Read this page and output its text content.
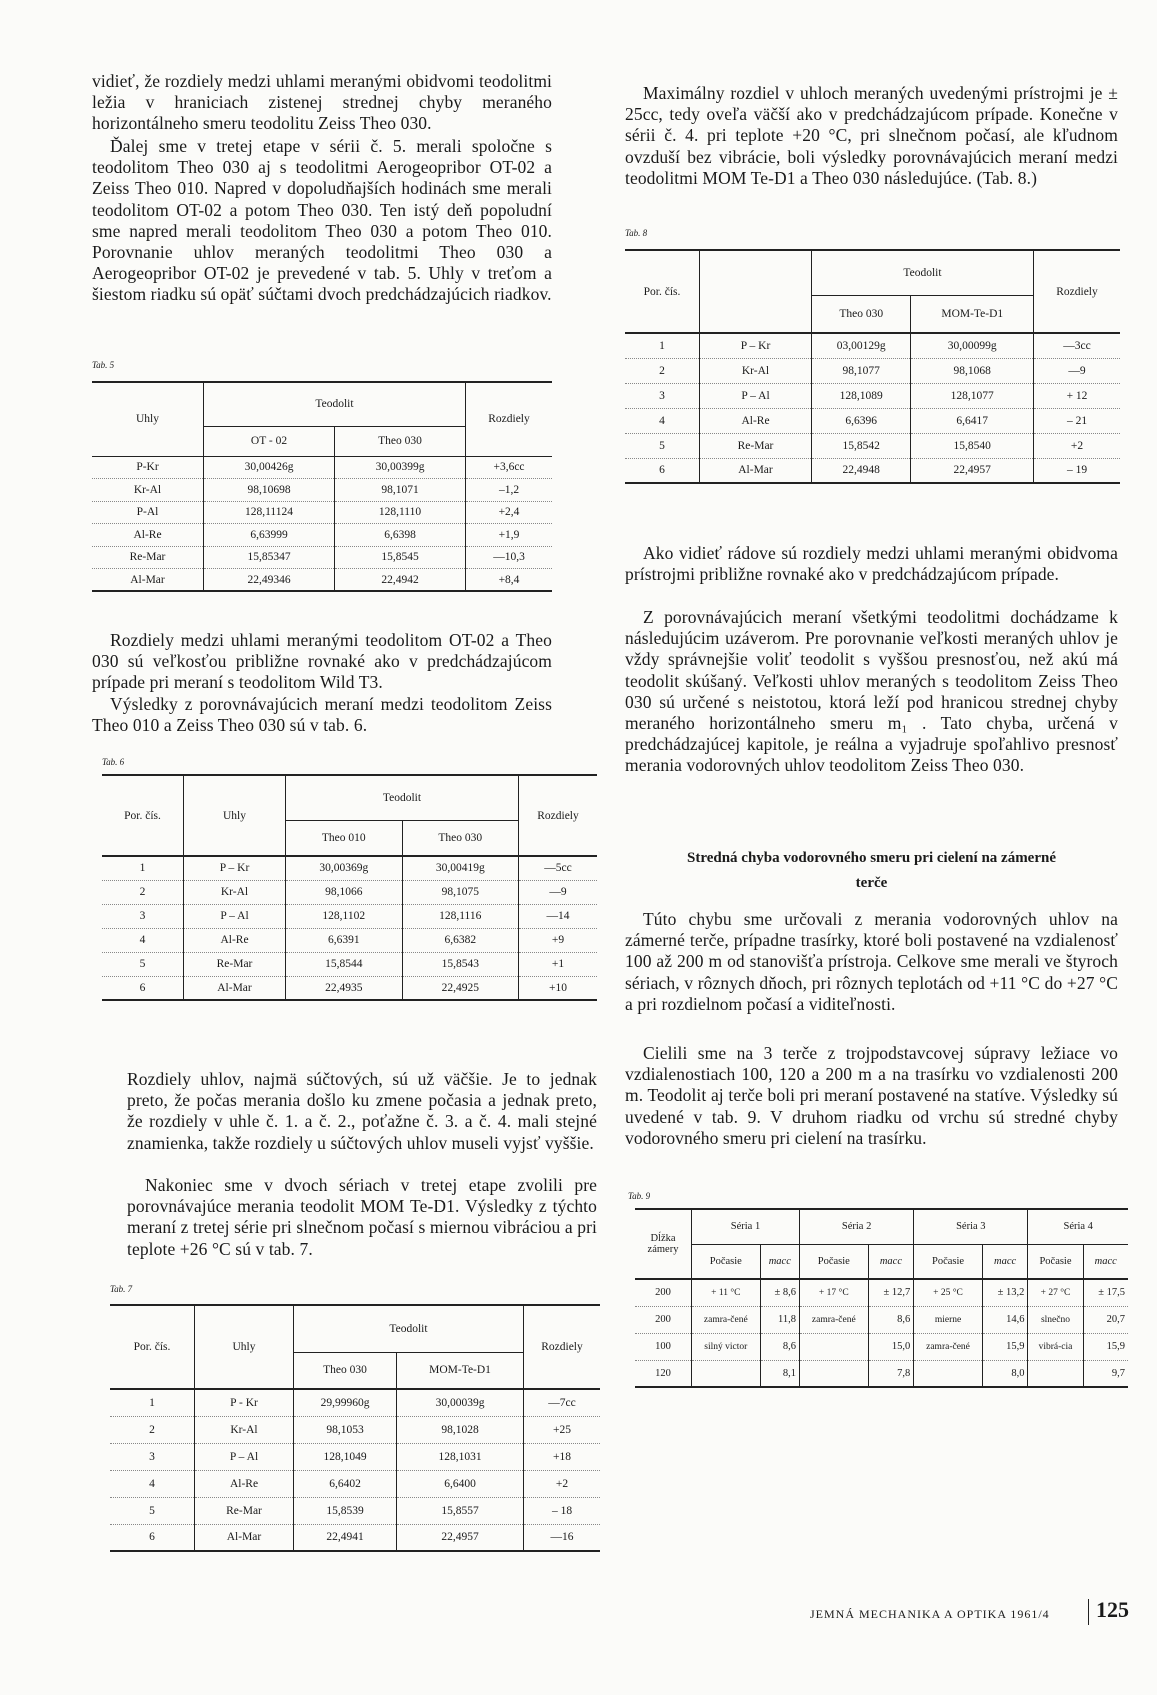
vidieť, že rozdiely medzi uhlami meranými obidvomi teodolitmi ležia v hraniciach zistenej strednej chyby meraného horizontálneho smeru teodolitu Zeiss Theo 030.

Ďalej sme v tretej etape v sérii č. 5. merali spoločne s teodolitom Theo 030 aj s teodolitmi Aerogeopribor OT-02 a Zeiss Theo 010. Napred v dopoludňajších hodinách sme merali teodolitom OT-02 a potom Theo 030. Ten istý deň popoludní sme napred merali teodolitom Theo 030 a potom Theo 010. Porovnanie uhlov meraných teodolitmi Theo 030 a Aerogeopribor OT-02 je prevedené v tab. 5. Uhly v treťom a šiestom riadku sú opäť súčtami dvoch predchádzajúcich riadkov.

Tab. 5

Uhly	Teodolit		Rozdiely
	OT - 02	Theo 030	
P-Kr	30,00426g	30,00399g	+3,6cc
Kr-Al	98,10698	98,1071	–1,2
P-Al	128,11124	128,1110	+2,4
Al-Re	6,63999	6,6398	+1,9
Re-Mar	15,85347	15,8545	—10,3
Al-Mar	22,49346	22,4942	+8,4

Rozdiely medzi uhlami meranými teodolitom OT-02 a Theo 030 sú veľkosťou približne rovnaké ako v predchádzajúcom prípade pri meraní s teodolitom Wild T3.

Výsledky z porovnávajúcich meraní medzi teodolitom Zeiss Theo 010 a Zeiss Theo 030 sú v tab. 6.

Tab. 6

Por. čís.	Uhly	Teodolit		Rozdiely
		Theo 010	Theo 030	
1	P – Kr	30,00369g	30,00419g	—5cc
2	Kr-Al	98,1066	98,1075	—9
3	P – Al	128,1102	128,1116	—14
4	Al-Re	6,6391	6,6382	+9
5	Re-Mar	15,8544	15,8543	+1
6	Al-Mar	22,4935	22,4925	+10

Rozdiely uhlov, najmä súčtových, sú už väčšie. Je to jednak preto, že počas merania došlo ku zmene počasia a jednak preto, že rozdiely v uhle č. 1. a č. 2., poťažne č. 3. a č. 4. mali stejné znamienka, takže rozdiely u súčtových uhlov museli vyjsť vyššie.

Nakoniec sme v dvoch sériach v tretej etape zvolili pre porovnávajúce merania teodolit MOM Te-D1. Výsledky z týchto meraní z tretej série pri slnečnom počasí s miernou vibráciou a pri teplote +26 °C sú v tab. 7.

Tab. 7

Por. čís.	Uhly	Teodolit		Rozdiely
		Theo 030	MOM-Te-D1	
1	P - Kr	29,99960g	30,00039g	—7cc
2	Kr-Al	98,1053	98,1028	+25
3	P – Al	128,1049	128,1031	+18
4	Al-Re	6,6402	6,6400	+2
5	Re-Mar	15,8539	15,8557	– 18
6	Al-Mar	22,4941	22,4957	—16

Maximálny rozdiel v uhloch meraných uvedenými prístrojmi je ± 25cc, tedy oveľa väčší ako v predchádzajúcom prípade. Konečne v sérii č. 4. pri teplote +20 °C, pri slnečnom počasí, ale kľudnom ovzduší bez vibrácie, boli výsledky porovnávajúcich meraní medzi teodolitmi MOM Te-D1 a Theo 030 následujúce. (Tab. 8.)

Tab. 8

Por. čís.		Teodolit		Rozdiely
		Theo 030	MOM-Te-D1	
1	P – Kr	03,00129g	30,00099g	—3cc
2	Kr-Al	98,1077	98,1068	—9
3	P – Al	128,1089	128,1077	+ 12
4	Al-Re	6,6396	6,6417	– 21
5	Re-Mar	15,8542	15,8540	+2
6	Al-Mar	22,4948	22,4957	– 19

Ako vidieť rádove sú rozdiely medzi uhlami meranými obidvoma prístrojmi približne rovnaké ako v predchádzajúcom prípade.

Z porovnávajúcich meraní všetkými teodolitmi dochádzame k následujúcim uzáverom. Pre porovnanie veľkosti meraných uhlov je vždy správnejšie voliť teodolit s vyššou presnosťou, než akú má teodolit skúšaný. Veľkosti uhlov meraných s teodolitom Zeiss Theo 030 sú určené s neistotou, ktorá leží pod hranicou strednej chyby meraného horizontálneho smeru m₁ . Tato chyba, určená v predchádzajúcej kapitole, je reálna a vyjadruje spoľahlivo presnosť merania vodorovných uhlov teodolitom Zeiss Theo 030.

Stredná chyba vodorovného smeru pri cielení na zámerné

terče

Túto chybu sme určovali z merania vodorovných uhlov na zámerné terče, prípadne trasírky, ktoré boli postavené na vzdialenosť 100 až 200 m od stanovišťa prístroja. Celkove sme merali ve štyroch sériach, v rôznych dňoch, pri rôznych teplotách od +11 °C do +27 °C a pri rozdielnom počasí a viditeľnosti.

Cielili sme na 3 terče z trojpodstavcovej súpravy ležiace vo vzdialenostiach 100, 120 a 200 m a na trasírku vo vzdialenosti 200 m. Teodolit aj terče boli pri meraní postavené na statíve. Výsledky sú uvedené v tab. 9. V druhom riadku od vrchu sú stredné chyby vodorovného smeru pri cielení na trasírku.

Tab. 9

Dĺžka zámery	Séria 1		Séria 2		Séria 3		Séria 4	
	Počasie	macc	Počasie	macc	Počasie	macc	Počasie	macc
200	+ 11 °C	± 8,6	+ 17 °C	± 12,7	+ 25 °C	± 13,2	+ 27 °C	± 17,5
200	zamra-čené	11,8	zamra-čené	8,6	mierne	14,6	slnečno	20,7
100	silný victor	8,6		15,0	zamra-čené	15,9	vibrá-cia	15,9
120		8,1		7,8		8,0		9,7
JEMNÁ MECHANIKA A OPTIKA 1961/4 125
